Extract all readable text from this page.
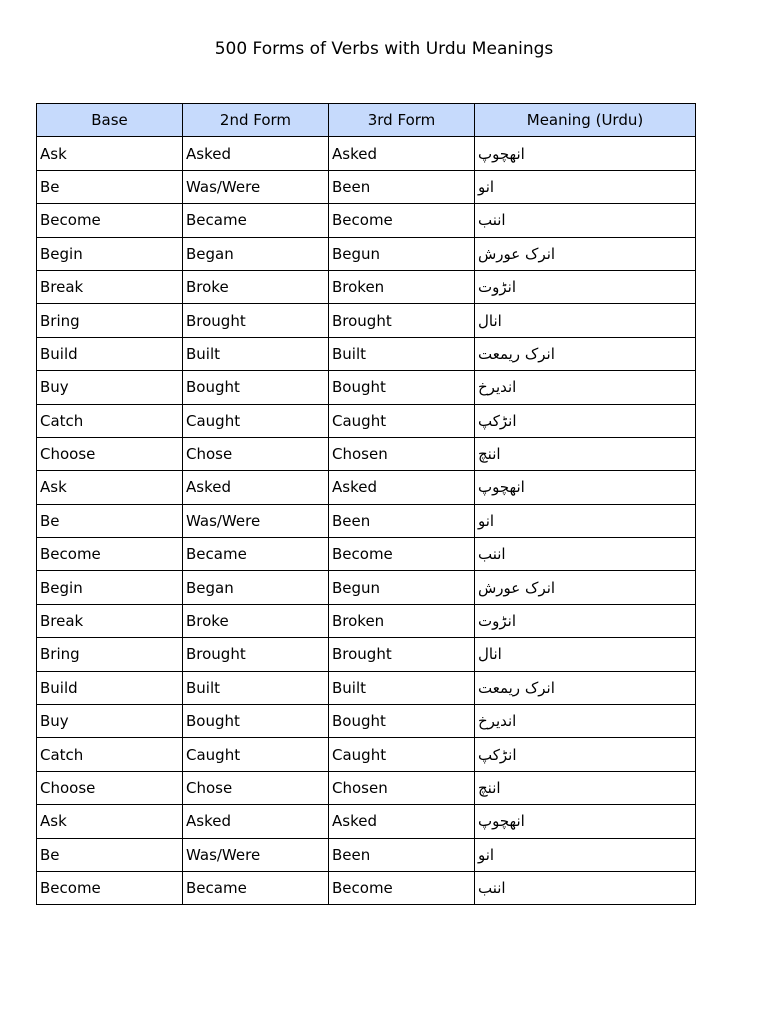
500 Forms of Verbs with Urdu Meanings
Base	2nd Form	3rd Form	Meaning (Urdu)
Ask	Asked	Asked	انھچوپ
Be	Was/Were	Been	انو
Become	Became	Become	اننب
Begin	Began	Begun	انرک عورش
Break	Broke	Broken	انڑوت
Bring	Brought	Brought	انال
Build	Built	Built	انرک ریمعت
Buy	Bought	Bought	انديرخ
Catch	Caught	Caught	انڑکپ
Choose	Chose	Chosen	اننچ
Ask	Asked	Asked	انھچوپ
Be	Was/Were	Been	انو
Become	Became	Become	اننب
Begin	Began	Begun	انرک عورش
Break	Broke	Broken	انڑوت
Bring	Brought	Brought	انال
Build	Built	Built	انرک ریمعت
Buy	Bought	Bought	انديرخ
Catch	Caught	Caught	انڑکپ
Choose	Chose	Chosen	اننچ
Ask	Asked	Asked	انھچوپ
Be	Was/Were	Been	انو
Become	Became	Become	اننب
